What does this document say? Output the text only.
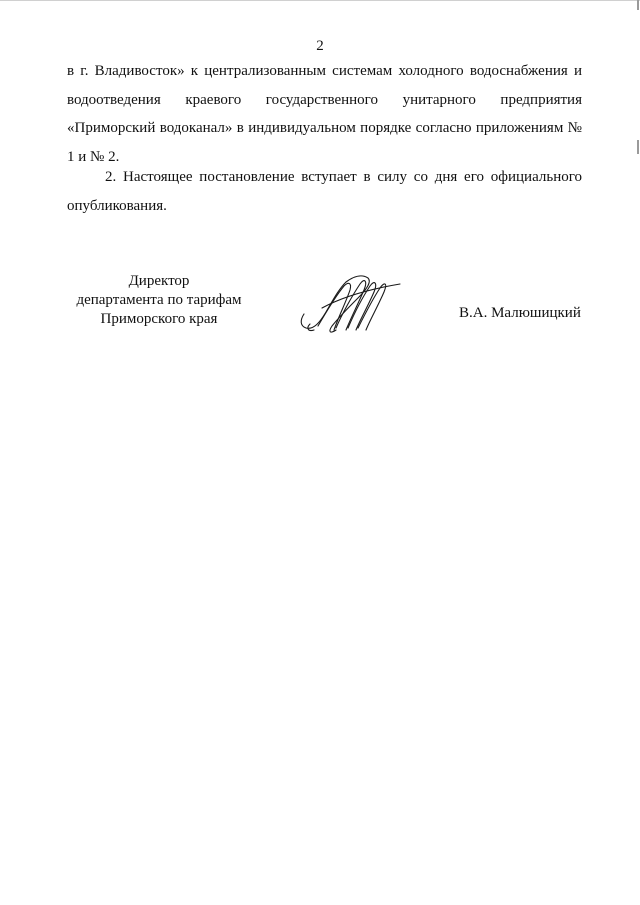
2

в г. Владивосток» к централизованным системам холодного водоснабжения и водоотведения краевого государственного унитарного предприятия «Приморский водоканал» в индивидуальном порядке согласно приложениям № 1 и № 2.

2. Настоящее постановление вступает в силу со дня его официального опубликования.

Директор
департамента по тарифам
Приморского края	В.А. Малюшицкий
